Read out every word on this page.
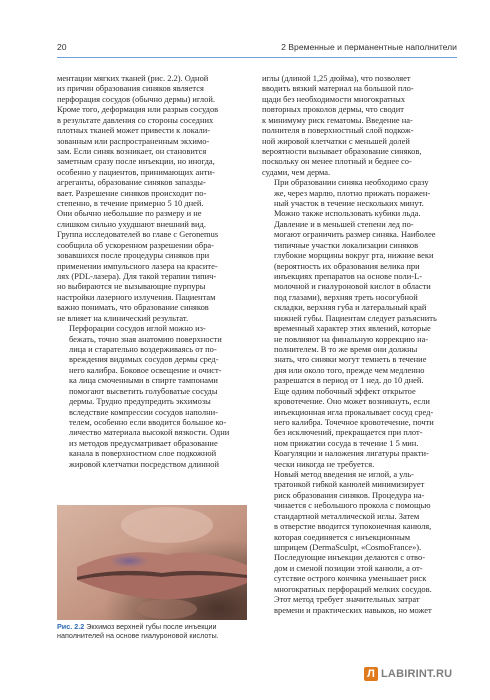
20	2 Временные и перманентные наполнители

ментации мягких тканей (рис. 2.2). Одной
из причин образования синяков является
перфорация сосудов (обычно дермы) иглой.
Кроме того, деформация или разрыв сосудов
в результате давления со стороны соседних
плотных тканей может привести к локали-
зованным или распространенным экхимо-
зам. Если синяк возникает, он становится
заметным сразу после инъекции, но иногда,
особенно у пациентов, принимающих анти-
агреганты, образование синяков запазды-
вает. Разрешение синяков происходит по-
степенно, в течение примерно 5 10 дней.
Они обычно небольшие по размеру и не
слишком сильно ухудшают внешний вид.
Группа исследователей во главе с Geronemus
сообщила об ускоренном разрешении обра-
зовавшихся после процедуры синяков при
применении импульсного лазера на красите-
лях (PDL-лазера). Для такой терапии типич-
но выбираются не вызывающие пурпуры
настройки лазерного излучения. Пациентам
важно понимать, что образование синяков
не влияет на клинический результат.

Перфорации сосудов иглой можно из-
бежать, точно зная анатомию поверхности
лица и старательно воздерживаясь от по-
вреждения видимых сосудов дермы сред-
него калибра. Боковое освещение и очист-
ка лица смоченными в спирте тампонами
помогают высветить голубоватые сосуды
дермы. Трудно предупредить экхимозы
вследствие компрессии сосудов наполни-
телем, особенно если вводится большое ко-
личество материала высокой вязкости. Одни
из методов предусматривает образование
канала в поверхностном слое подкожной
жировой клетчатки посредством длинной

иглы (длиной 1,25 дюйма), что позволяет
вводить вязкий материал на большой пло-
щади без необходимости многократных
повторных проколов дермы, что сводит
к минимуму риск гематомы. Введение на-
полнителя в поверхностный слой подкож-
ной жировой клетчатки с меньшей долей
вероятности вызывает образование синяков,
поскольку он менее плотный и беднее со-
судами, чем дерма.

При образовании синяка необходимо сразу
же, через марлю, плотно прижать поражен-
ный участок в течение нескольких минут.
Можно также использовать кубики льда.
Давление и в меньшей степени лед по-
могают ограничить размер синяка. Наиболее
типичные участки локализации синяков
глубокие морщины вокруг рта, нижние веки
(вероятность их образования велика при
инъекциях препаратов на основе поли-L-
молочной и гиалуроновой кислот в области
под глазами), верхняя треть носогубной
складки, верхняя губа и латеральный край
нижней губы. Пациентам следует разъяснить
временный характер этих явлений, которые
не повлияют на финальную коррекцию на-
полнителем. В то же время они должны
знать, что синяки могут темнеть в течение
дня или около того, прежде чем медленно
разрешатся в период от 1 нед. до 10 дней.

Еще одним побочный эффект открытое
кровотечение. Оно может возникнуть, если
инъекционная игла прокалывает сосуд сред-
него калибра. Точечное кровотечение, почти
без исключений, прекращается при плот-
ном прижатии сосуда в течение 1 5 мин.
Коагуляции и наложения лигатуры практи-
чески никогда не требуется.

Новый метод введения не иглой, а уль-
тратонкой гибкой канюлей минимизирует
риск образования синяков. Процедура на-
чинается с небольшого прокола с помощью
стандартной металлической иглы. Затем
в отверстие вводится тупоконечная канюля,
которая соединяется с инъекционным
шприцем (DermaSculpt, «CosmoFrance»).
Последующие инъекции делаются с отво-
дом и сменой позиции этой канюли, а от-
сутствие острого кончика уменьшает риск
многократных перфораций мелких сосудов.
Этот метод требует значительных затрат
времени и практических навыков, но может

Рис. 2.2 Экхимоз верхней губы после инъекции
наполнителей на основе гиалуроновой кислоты.
Л LABIRINT.RU
